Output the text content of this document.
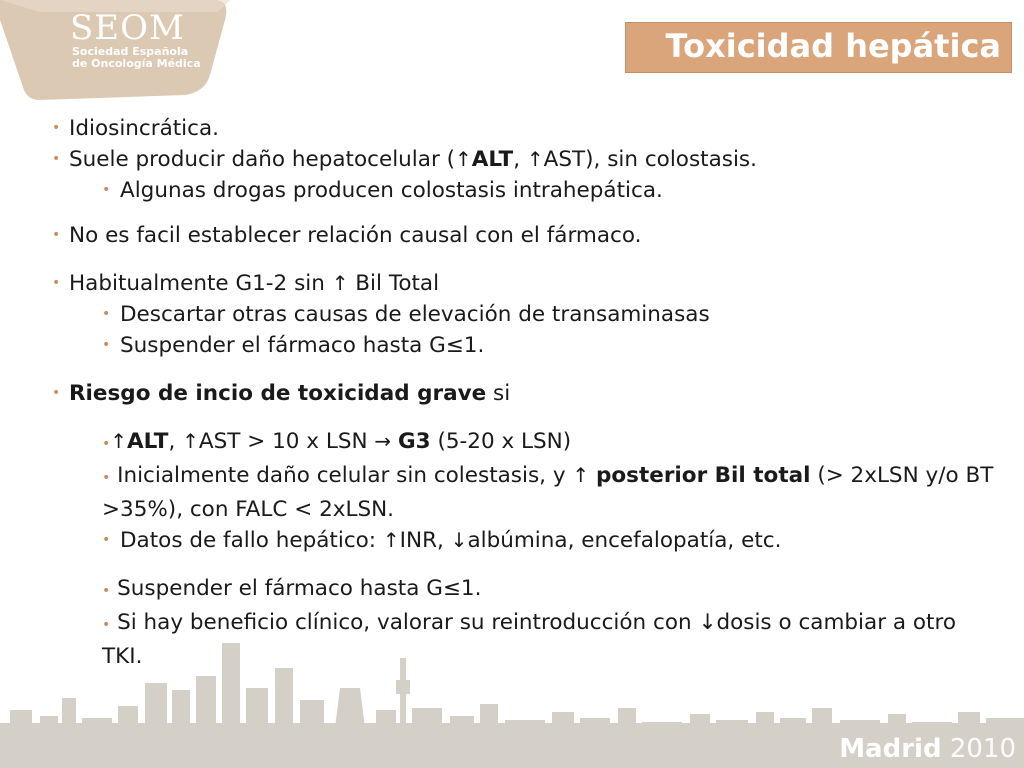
SEOM
Sociedad Española
de Oncología Médica	Toxicidad hepática
• Idiosincrática.
• Suele producir daño hepatocelular (↑ALT, ↑AST), sin colostasis.
• Algunas drogas producen colostasis intrahepática.
• No es facil establecer relación causal con el fármaco.
• Habitualmente G1-2 sin ↑ Bil Total
• Descartar otras causas de elevación de transaminasas
• Suspender el fármaco hasta G≤1.
• Riesgo de incio de toxicidad grave si
•↑ALT, ↑AST > 10 x LSN → G3 (5-20 x LSN)
• Inicialmente daño celular sin colestasis, y ↑ posterior Bil total (> 2xLSN y/o BT >35%), con FALC < 2xLSN.
• Datos de fallo hepático: ↑INR, ↓albúmina, encefalopatía, etc.
• Suspender el fármaco hasta G≤1.
• Si hay beneficio clínico, valorar su reintroducción con ↓dosis o cambiar a otro TKI.
Madrid 2010
